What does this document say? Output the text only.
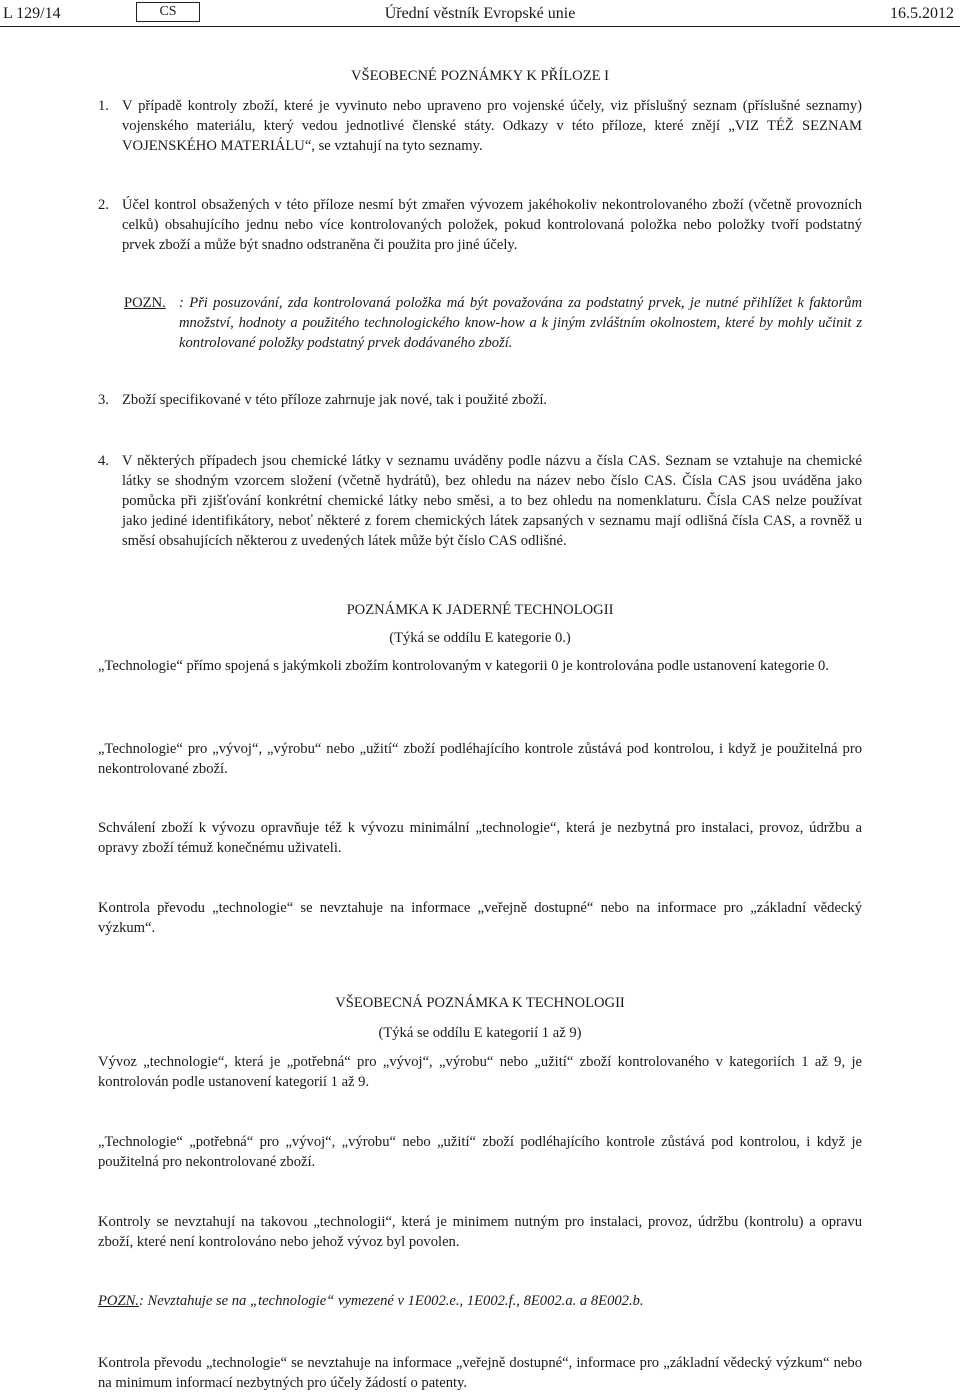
L 129/14	CS	Úřední věstník Evropské unie	16.5.2012
VŠEOBECNÉ POZNÁMKY K PŘÍLOZE I
1. V případě kontroly zboží, které je vyvinuto nebo upraveno pro vojenské účely, viz příslušný seznam (příslušné seznamy) vojenského materiálu, který vedou jednotlivé členské státy. Odkazy v této příloze, které znějí „VIZ TÉŽ SEZNAM VOJENSKÉHO MATERIÁLU“, se vztahují na tyto seznamy.
2. Účel kontrol obsažených v této příloze nesmí být zmařen vývozem jakéhokoliv nekontrolovaného zboží (včetně provozních celků) obsahujícího jednu nebo více kontrolovaných položek, pokud kontrolovaná položka nebo položky tvoří podstatný prvek zboží a může být snadno odstraněna či použita pro jiné účely.
POZN. : Při posuzování, zda kontrolovaná položka má být považována za podstatný prvek, je nutné přihlížet k faktorům množství, hodnoty a použitého technologického know-how a k jiným zvláštním okolnostem, které by mohly učinit z kontrolované položky podstatný prvek dodávaného zboží.
3. Zboží specifikované v této příloze zahrnuje jak nové, tak i použité zboží.
4. V některých případech jsou chemické látky v seznamu uváděny podle názvu a čísla CAS. Seznam se vztahuje na chemické látky se shodným vzorcem složení (včetně hydrátů), bez ohledu na název nebo číslo CAS. Čísla CAS jsou uváděna jako pomůcka při zjišťování konkrétní chemické látky nebo směsi, a to bez ohledu na nomenklaturu. Čísla CAS nelze používat jako jediné identifikátory, neboť některé z forem chemických látek zapsaných v seznamu mají odlišná čísla CAS, a rovněž u směsí obsahujících některou z uvedených látek může být číslo CAS odlišné.
POZNÁMKA K JADERNÉ TECHNOLOGII
(Týká se oddílu E kategorie 0.)
„Technologie“ přímo spojená s jakýmkoli zbožím kontrolovaným v kategorii 0 je kontrolována podle ustanovení kategorie 0.
„Technologie“ pro „vývoj“, „výrobu“ nebo „užití“ zboží podléhajícího kontrole zůstává pod kontrolou, i když je použitelná pro nekontrolované zboží.
Schválení zboží k vývozu opravňuje též k vývozu minimální „technologie“, která je nezbytná pro instalaci, provoz, údržbu a opravy zboží témuž konečnému uživateli.
Kontrola převodu „technologie“ se nevztahuje na informace „veřejně dostupné“ nebo na informace pro „základní vědecký výzkum“.
VŠEOBECNÁ POZNÁMKA K TECHNOLOGII
(Týká se oddílu E kategorií 1 až 9)
Vývoz „technologie“, která je „potřebná“ pro „vývoj“, „výrobu“ nebo „užití“ zboží kontrolovaného v kategoriích 1 až 9, je kontrolován podle ustanovení kategorií 1 až 9.
„Technologie“ „potřebná“ pro „vývoj“, „výrobu“ nebo „užití“ zboží podléhajícího kontrole zůstává pod kontrolou, i když je použitelná pro nekontrolované zboží.
Kontroly se nevztahují na takovou „technologii“, která je minimem nutným pro instalaci, provoz, údržbu (kontrolu) a opravu zboží, které není kontrolováno nebo jehož vývoz byl povolen.
POZN.: Nevztahuje se na „technologie“ vymezené v 1E002.e., 1E002.f., 8E002.a. a 8E002.b.
Kontrola převodu „technologie“ se nevztahuje na informace „veřejně dostupné“, informace pro „základní vědecký výzkum“ nebo na minimum informací nezbytných pro účely žádostí o patenty.
